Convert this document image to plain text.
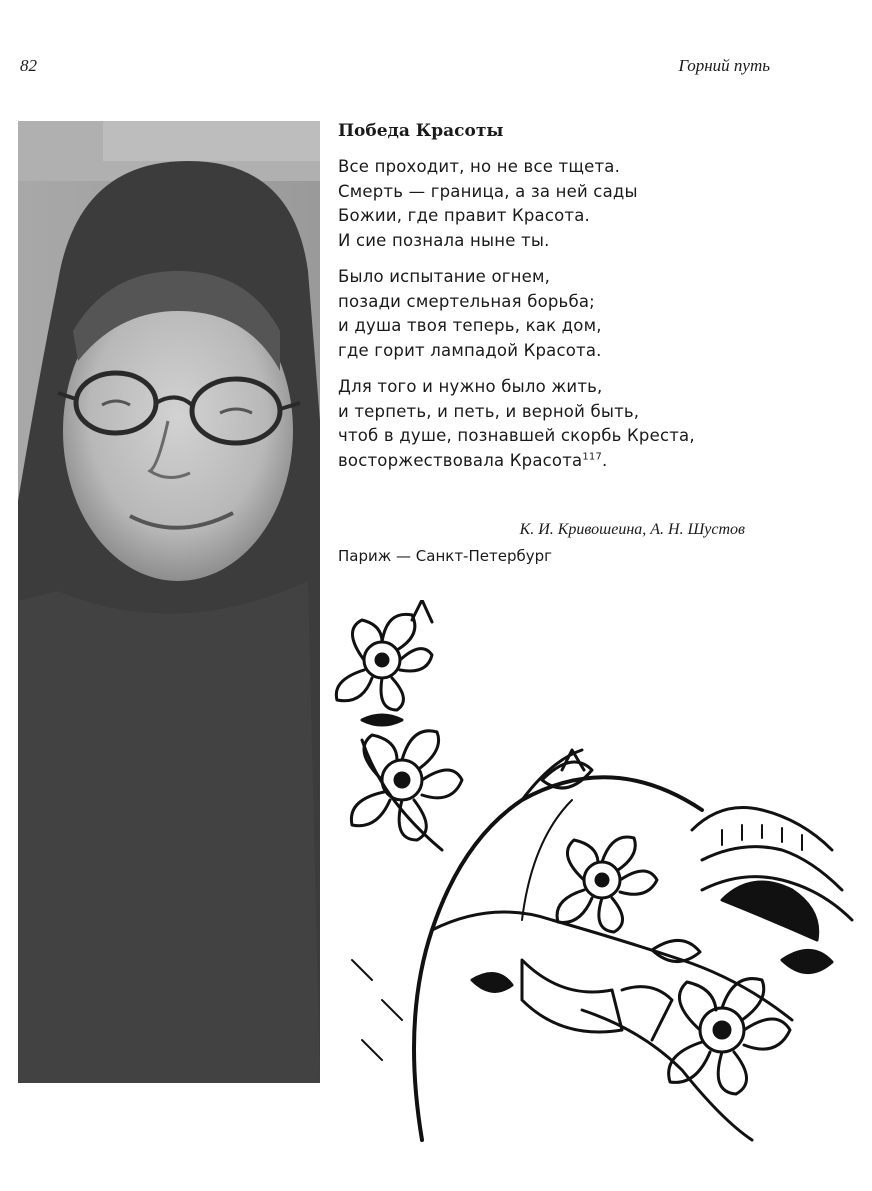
82	Горний путь
Победа Красоты
Все проходит, но не все тщета.
Смерть — граница, а за ней сады
Божии, где правит Красота.
И сие познала ныне ты.
Было испытание огнем,
позади смертельная борьба;
и душа твоя теперь, как дом,
где горит лампадой Красота.
Для того и нужно было жить,
и терпеть, и петь, и верной быть,
чтоб в душе, познавшей скорбь Креста,
восторжествовала Красота$^{117}$.
К. И. Кривошеина, А. Н. Шустов
Париж — Санкт-Петербург
